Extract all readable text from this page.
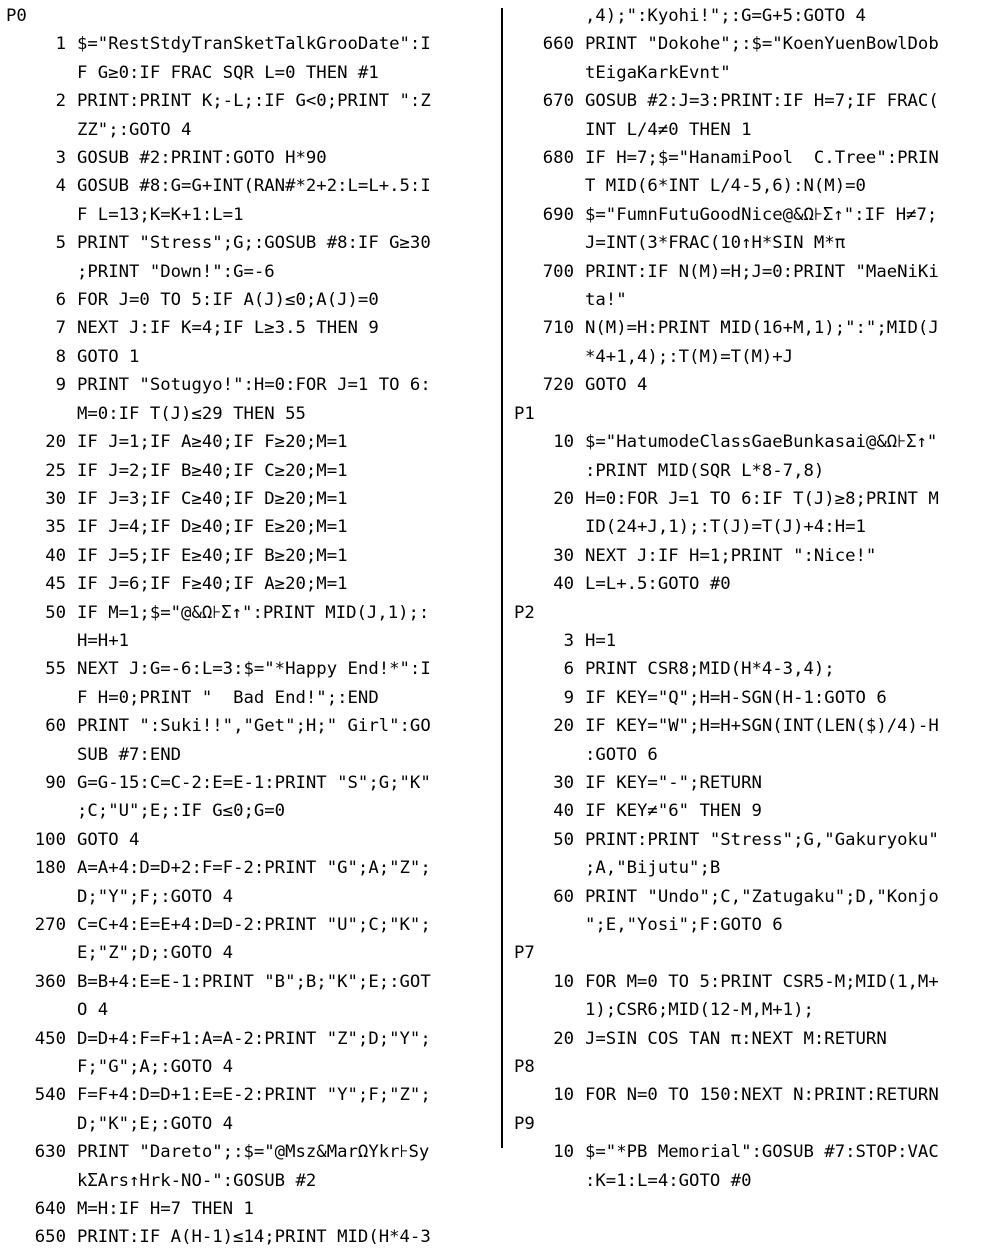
P0
1 $="RestStdyTranSketTalkGrooDate":I
F G≥0:IF FRAC SQR L=0 THEN #1
2 PRINT:PRINT K;-L;:IF G<0;PRINT ":Z
ZZ";:GOTO 4
3 GOSUB #2:PRINT:GOTO H*90
4 GOSUB #8:G=G+INT(RAN#*2+2:L=L+.5:I
F L=13;K=K+1:L=1
5 PRINT "Stress";G;:GOSUB #8:IF G≥30
;PRINT "Down!":G=-6
6 FOR J=0 TO 5:IF A(J)≤0;A(J)=0
7 NEXT J:IF K=4;IF L≥3.5 THEN 9
8 GOTO 1
9 PRINT "Sotugyo!":H=0:FOR J=1 TO 6:
M=0:IF T(J)≤29 THEN 55
20 IF J=1;IF A≥40;IF F≥20;M=1
25 IF J=2;IF B≥40;IF C≥20;M=1
30 IF J=3;IF C≥40;IF D≥20;M=1
35 IF J=4;IF D≥40;IF E≥20;M=1
40 IF J=5;IF E≥40;IF B≥20;M=1
45 IF J=6;IF F≥40;IF A≥20;M=1
50 IF M=1;$="@&Ω⊦Σ↑":PRINT MID(J,1);:
H=H+1
55 NEXT J:G=-6:L=3:$="*Happy End!*":I
F H=0;PRINT "  Bad End!";:END
60 PRINT ":Suki!!","Get";H;" Girl":GO
SUB #7:END
90 G=G-15:C=C-2:E=E-1:PRINT "S";G;"K"
;C;"U";E;:IF G≤0;G=0
100 GOTO 4
180 A=A+4:D=D+2:F=F-2:PRINT "G";A;"Z";
D;"Y";F;:GOTO 4
270 C=C+4:E=E+4:D=D-2:PRINT "U";C;"K";
E;"Z";D;:GOTO 4
360 B=B+4:E=E-1:PRINT "B";B;"K";E;:GOT
O 4
450 D=D+4:F=F+1:A=A-2:PRINT "Z";D;"Y";
F;"G";A;:GOTO 4
540 F=F+4:D=D+1:E=E-2:PRINT "Y";F;"Z";
D;"K";E;:GOTO 4
630 PRINT "Dareto";:$="@Msz&MarΩYkr⊦Sy
kΣArs↑Hrk-NO-":GOSUB #2
640 M=H:IF H=7 THEN 1
650 PRINT:IF A(H-1)≤14;PRINT MID(H*4-3
,4);":Kyohi!";:G=G+5:GOTO 4
660 PRINT "Dokohe";:$="KoenYuenBowlDob
tEigaKarkEvnt"
670 GOSUB #2:J=3:PRINT:IF H=7;IF FRAC(
INT L/4≠0 THEN 1
680 IF H=7;$="HanamiPool  C.Tree":PRIN
T MID(6*INT L/4-5,6):N(M)=0
690 $="FumnFutuGoodNice@&Ω⊦Σ↑":IF H≠7;
J=INT(3*FRAC(10↑H*SIN M*π
700 PRINT:IF N(M)=H;J=0:PRINT "MaeNiKi
ta!"
710 N(M)=H:PRINT MID(16+M,1);":";MID(J
*4+1,4);:T(M)=T(M)+J
720 GOTO 4
P1
10 $="HatumodeClassGaeBunkasai@&Ω⊦Σ↑"
:PRINT MID(SQR L*8-7,8)
20 H=0:FOR J=1 TO 6:IF T(J)≥8;PRINT M
ID(24+J,1);:T(J)=T(J)+4:H=1
30 NEXT J:IF H=1;PRINT ":Nice!"
40 L=L+.5:GOTO #0
P2
3 H=1
6 PRINT CSR8;MID(H*4-3,4);
9 IF KEY="Q";H=H-SGN(H-1:GOTO 6
20 IF KEY="W";H=H+SGN(INT(LEN($)/4)-H
:GOTO 6
30 IF KEY="-";RETURN
40 IF KEY≠"6" THEN 9
50 PRINT:PRINT "Stress";G,"Gakuryoku"
;A,"Bijutu";B
60 PRINT "Undo";C,"Zatugaku";D,"Konjo
";E,"Yosi";F:GOTO 6
P7
10 FOR M=0 TO 5:PRINT CSR5-M;MID(1,M+
1);CSR6;MID(12-M,M+1);
20 J=SIN COS TAN π:NEXT M:RETURN
P8
10 FOR N=0 TO 150:NEXT N:PRINT:RETURN
P9
10 $="*PB Memorial":GOSUB #7:STOP:VAC
:K=1:L=4:GOTO #0
